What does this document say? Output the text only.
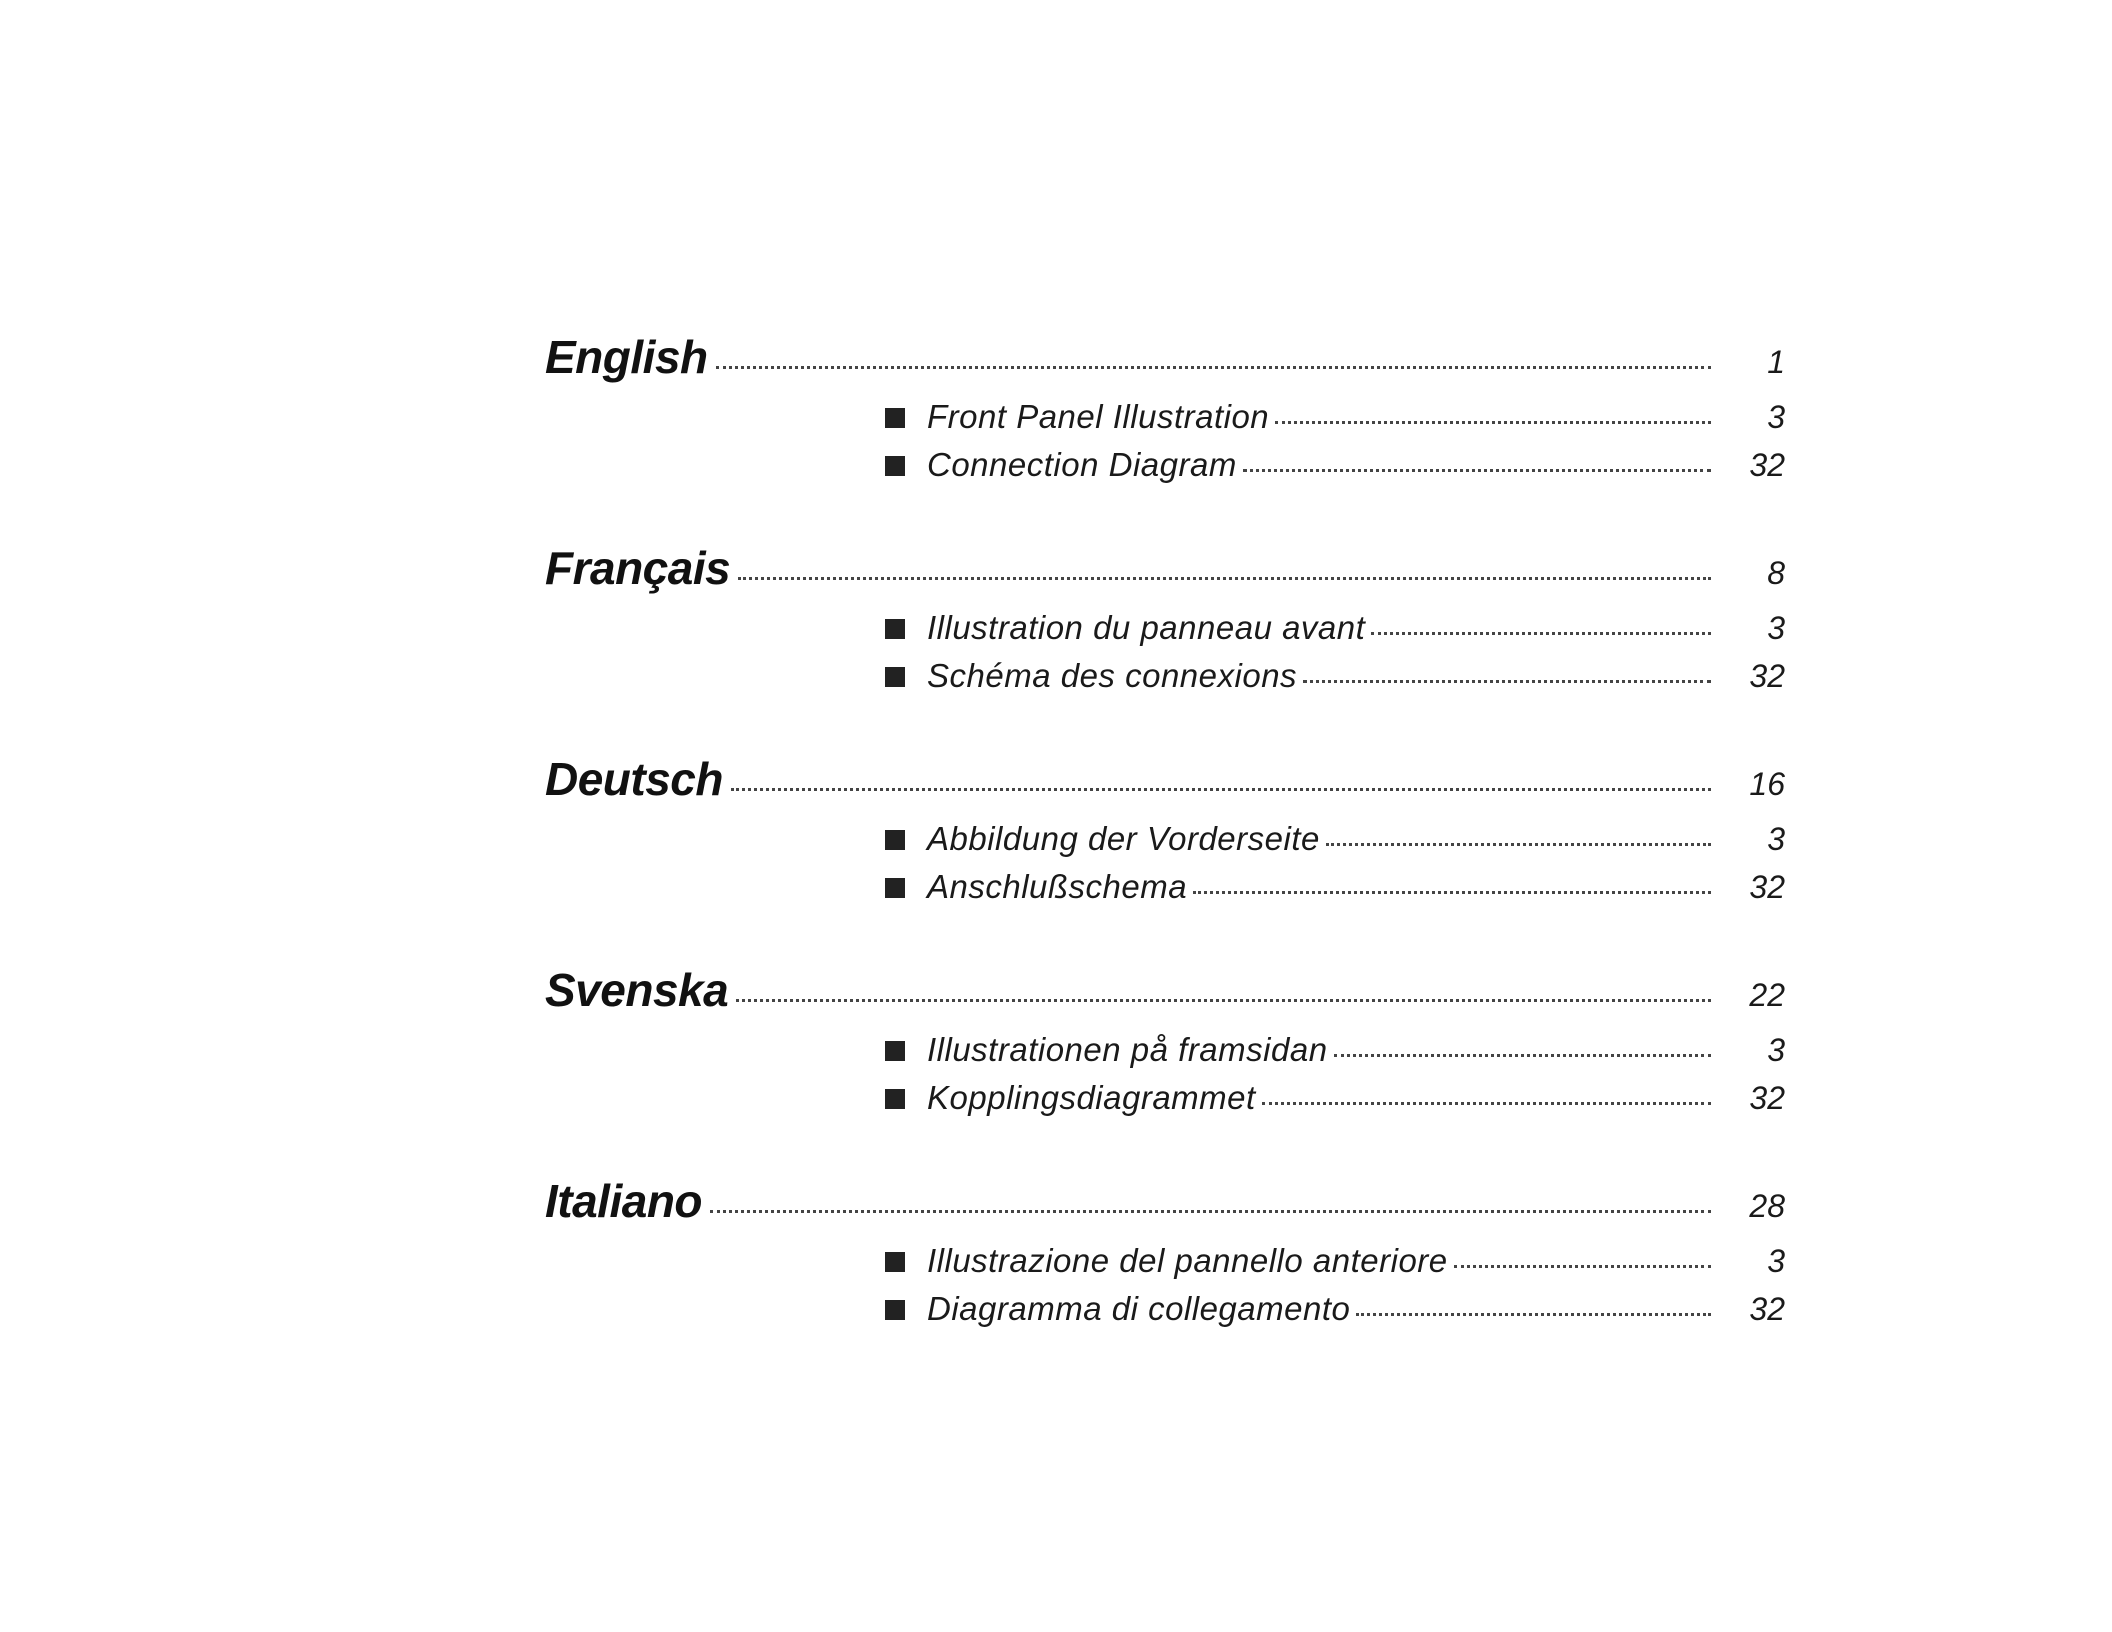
English	1
Front Panel Illustration	3
Connection Diagram	32
Français	8
Illustration du panneau avant	3
Schéma des connexions	32
Deutsch	16
Abbildung der Vorderseite	3
Anschlußschema	32
Svenska	22
Illustrationen på framsidan	3
Kopplingsdiagrammet	32
Italiano	28
Illustrazione del pannello anteriore	3
Diagramma di collegamento	32
